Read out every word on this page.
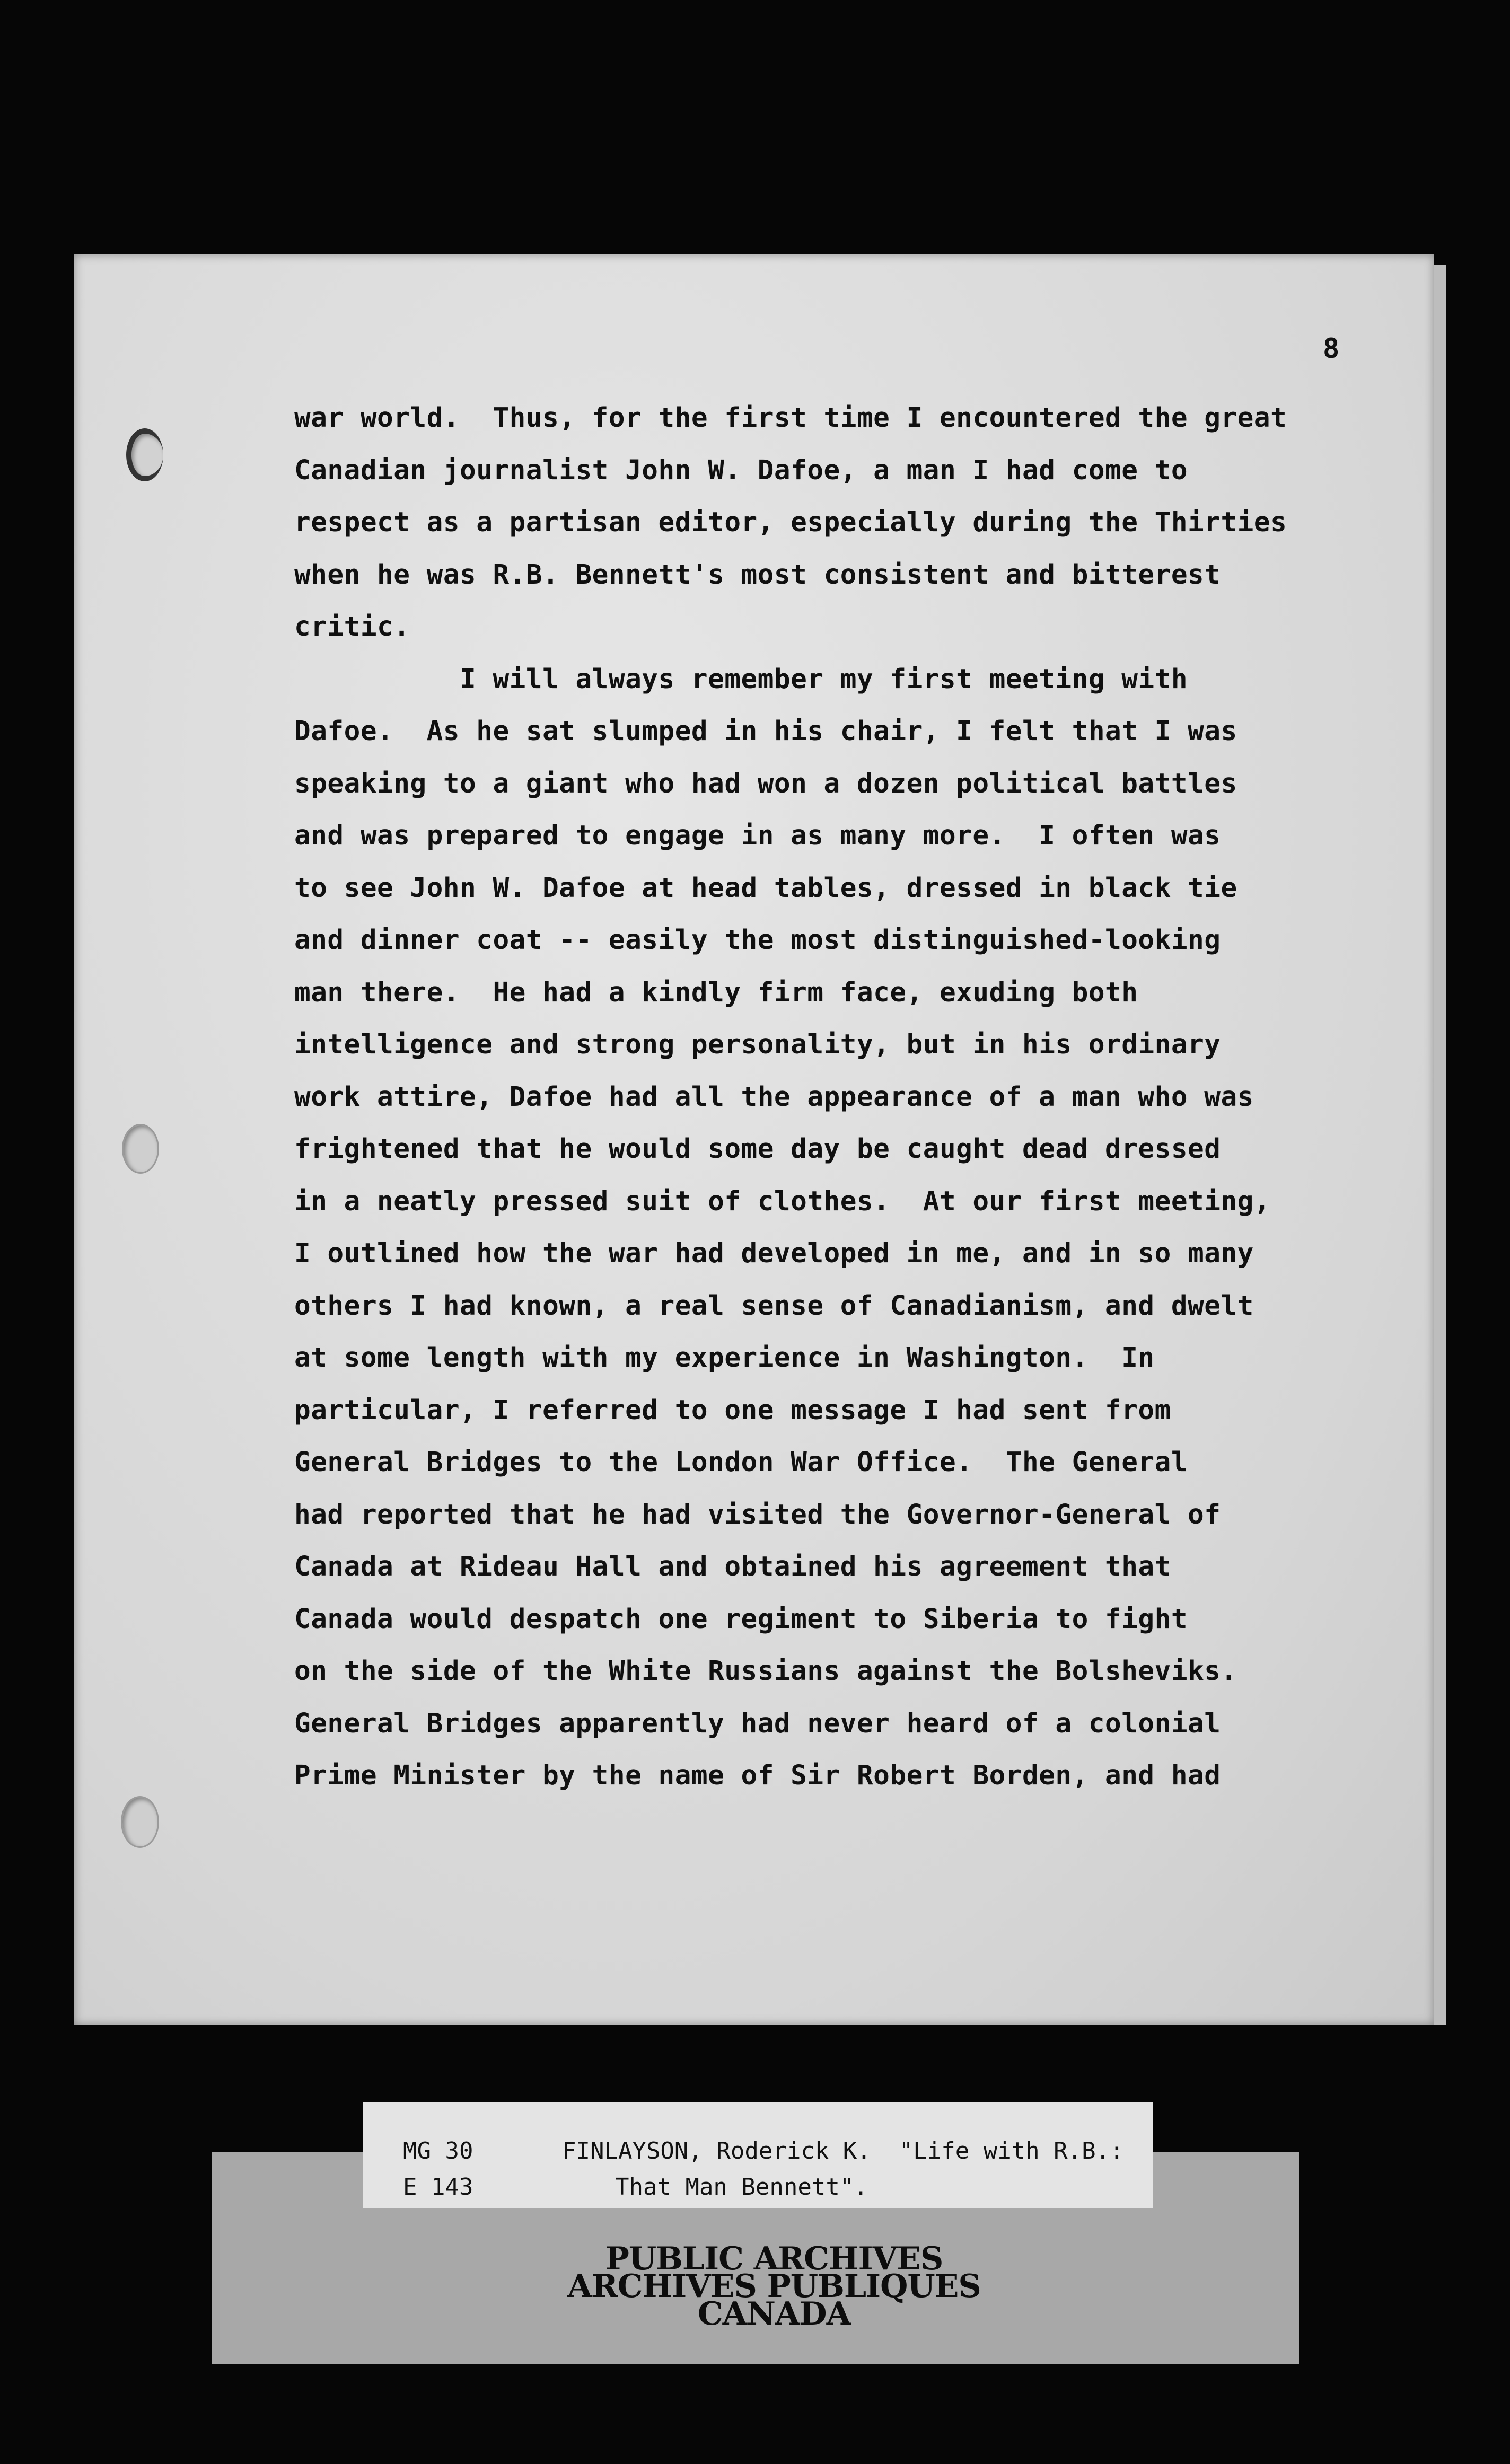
8
war world.  Thus, for the first time I encountered the great
Canadian journalist John W. Dafoe, a man I had come to
respect as a partisan editor, especially during the Thirties
when he was R.B. Bennett's most consistent and bitterest
critic.
I will always remember my first meeting with
Dafoe.  As he sat slumped in his chair, I felt that I was
speaking to a giant who had won a dozen political battles
and was prepared to engage in as many more.  I often was
to see John W. Dafoe at head tables, dressed in black tie
and dinner coat -- easily the most distinguished-looking
man there.  He had a kindly firm face, exuding both
intelligence and strong personality, but in his ordinary
work attire, Dafoe had all the appearance of a man who was
frightened that he would some day be caught dead dressed
in a neatly pressed suit of clothes.  At our first meeting,
I outlined how the war had developed in me, and in so many
others I had known, a real sense of Canadianism, and dwelt
at some length with my experience in Washington.  In
particular, I referred to one message I had sent from
General Bridges to the London War Office.  The General
had reported that he had visited the Governor-General of
Canada at Rideau Hall and obtained his agreement that
Canada would despatch one regiment to Siberia to fight
on the side of the White Russians against the Bolsheviks.
General Bridges apparently had never heard of a colonial
Prime Minister by the name of Sir Robert Borden, and had
MG 30
E 143
FINLAYSON, Roderick K.  "Life with R.B.:
That Man Bennett".
PUBLIC ARCHIVES
ARCHIVES PUBLIQUES
CANADA
